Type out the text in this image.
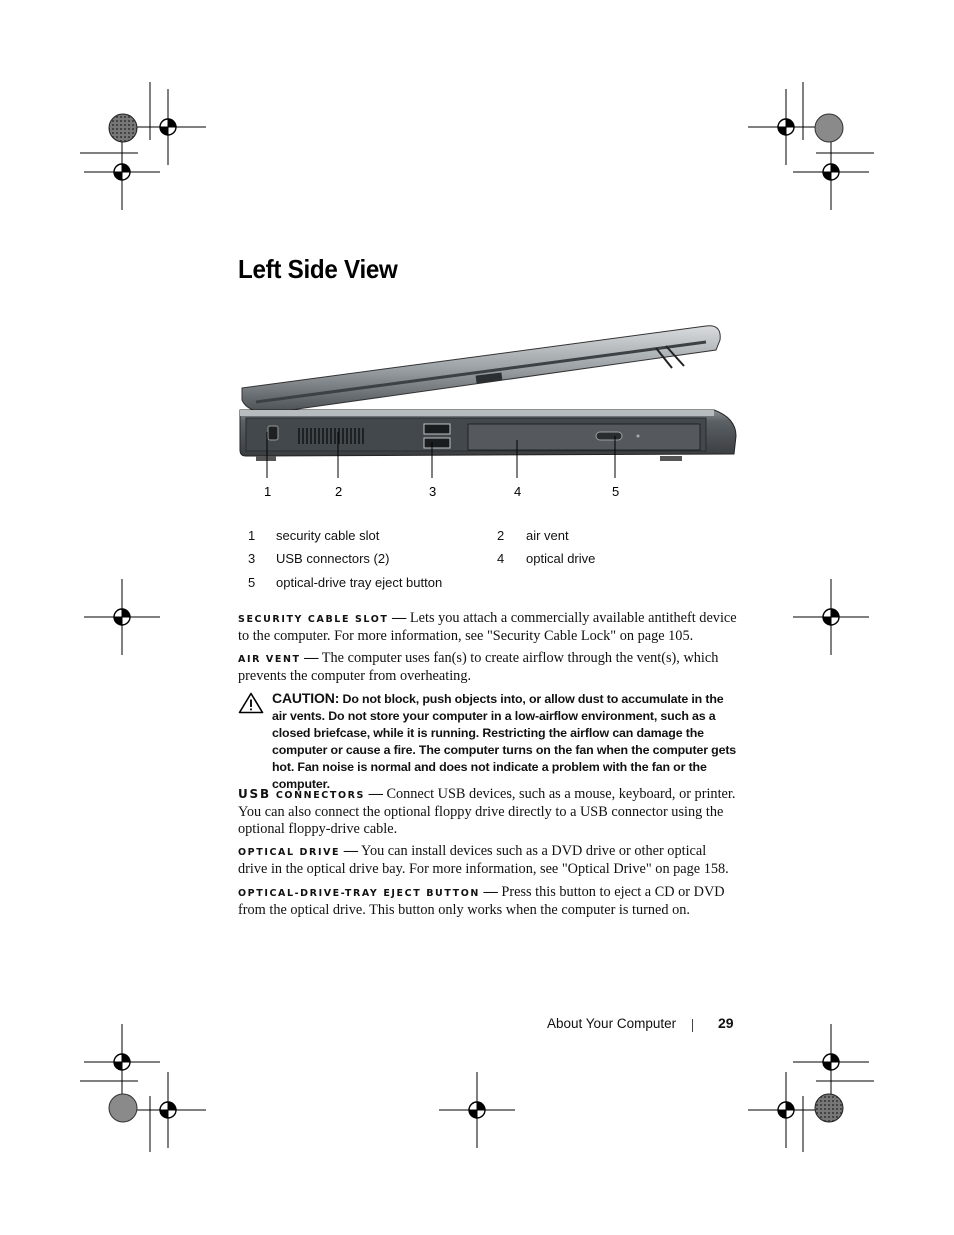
Left Side View
1	2	3	4	5
1 security cable slot	2 air vent
3 USB connectors (2)	4 optical drive
5 optical-drive tray eject button
SECURITY CABLE SLOT — Lets you attach a commercially available antitheft device to the computer. For more information, see "Security Cable Lock" on page 105.
AIR VENT — The computer uses fan(s) to create airflow through the vent(s), which prevents the computer from overheating.
CAUTION: Do not block, push objects into, or allow dust to accumulate in the air vents. Do not store your computer in a low-airflow environment, such as a closed briefcase, while it is running. Restricting the airflow can damage the computer or cause a fire. The computer turns on the fan when the computer gets hot. Fan noise is normal and does not indicate a problem with the fan or the computer.
USB CONNECTORS — Connect USB devices, such as a mouse, keyboard, or printer. You can also connect the optional floppy drive directly to a USB connector using the optional floppy-drive cable.
OPTICAL DRIVE — You can install devices such as a DVD drive or other optical drive in the optical drive bay. For more information, see "Optical Drive" on page 158.
OPTICAL-DRIVE-TRAY EJECT BUTTON — Press this button to eject a CD or DVD from the optical drive. This button only works when the computer is turned on.
About Your Computer	29
